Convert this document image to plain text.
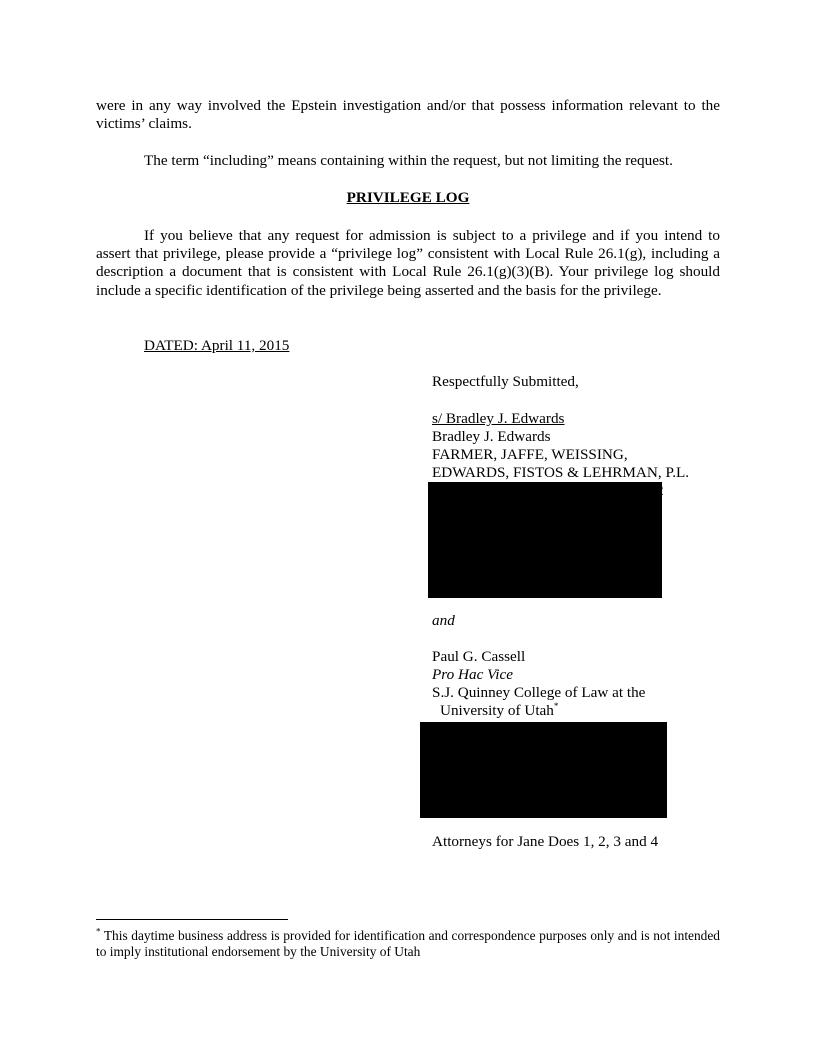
were in any way involved the Epstein investigation and/or that possess information relevant to the victims’ claims.

The term “including” means containing within the request, but not limiting the request.

PRIVILEGE LOG

If you believe that any request for admission is subject to a privilege and if you intend to assert that privilege, please provide a “privilege log” consistent with Local Rule 26.1(g), including a description a document that is consistent with Local Rule 26.1(g)(3)(B). Your privilege log should include a specific identification of the privilege being asserted and the basis for the privilege.

DATED: April 11, 2015

Respectfully Submitted,

s/ Bradley J. Edwards

Bradley J. Edwards

FARMER, JAFFE, WEISSING,

EDWARDS, FISTOS & LEHRMAN, P.L.

2

and

Paul G. Cassell

Pro Hac Vice

S.J. Quinney College of Law at the

University of Utah*

Attorneys for Jane Does 1, 2, 3 and 4

* This daytime business address is provided for identification and correspondence purposes only and is not intended to imply institutional endorsement by the University of Utah
